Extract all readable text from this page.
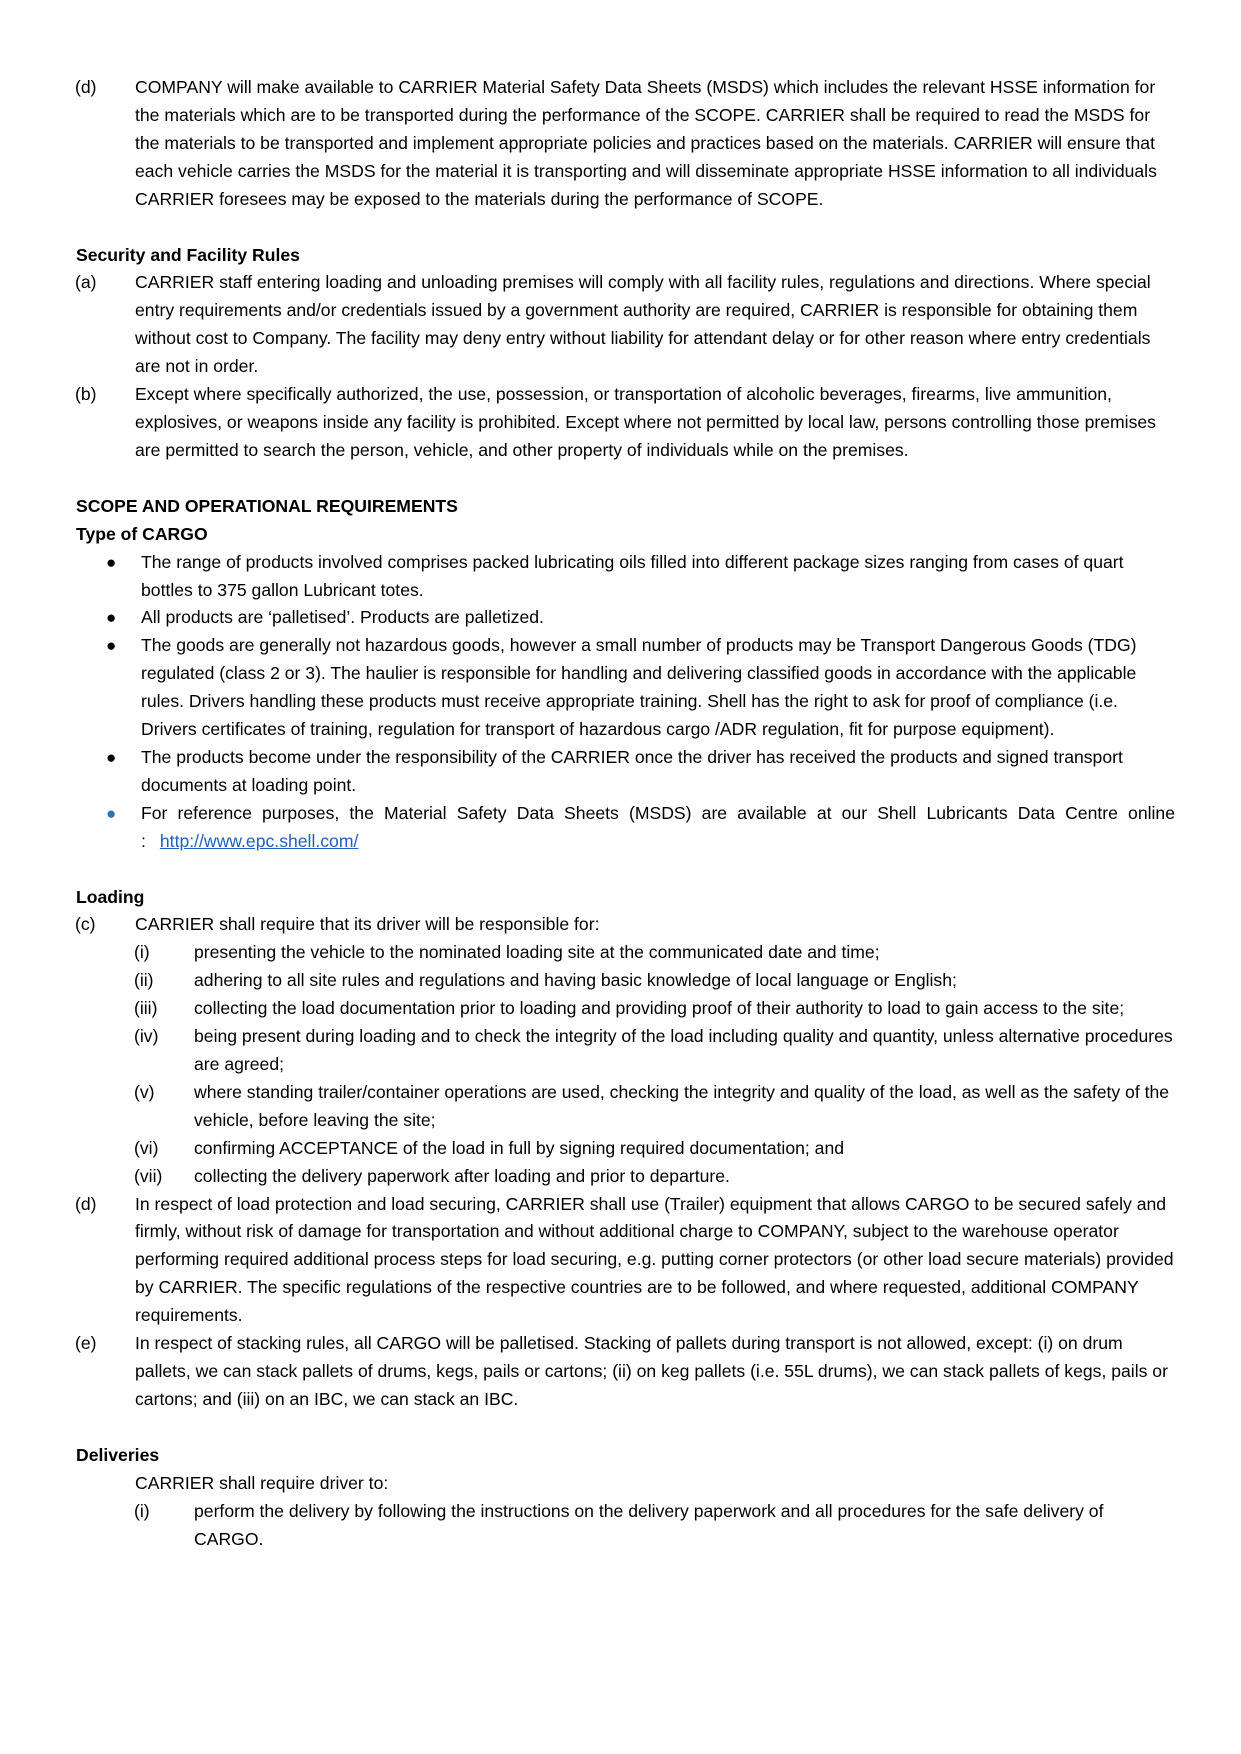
(d) COMPANY will make available to CARRIER Material Safety Data Sheets (MSDS) which includes the relevant HSSE information for the materials which are to be transported during the performance of the SCOPE. CARRIER shall be required to read the MSDS for the materials to be transported and implement appropriate policies and practices based on the materials. CARRIER will ensure that each vehicle carries the MSDS for the material it is transporting and will disseminate appropriate HSSE information to all individuals CARRIER foresees may be exposed to the materials during the performance of SCOPE.
Security and Facility Rules
(a) CARRIER staff entering loading and unloading premises will comply with all facility rules, regulations and directions. Where special entry requirements and/or credentials issued by a government authority are required, CARRIER is responsible for obtaining them without cost to Company. The facility may deny entry without liability for attendant delay or for other reason where entry credentials are not in order.
(b) Except where specifically authorized, the use, possession, or transportation of alcoholic beverages, firearms, live ammunition, explosives, or weapons inside any facility is prohibited. Except where not permitted by local law, persons controlling those premises are permitted to search the person, vehicle, and other property of individuals while on the premises.
SCOPE AND OPERATIONAL REQUIREMENTS
Type of CARGO
● The range of products involved comprises packed lubricating oils filled into different package sizes ranging from cases of quart bottles to 375 gallon Lubricant totes.
● All products are ‘palletised’. Products are palletized.
● The goods are generally not hazardous goods, however a small number of products may be Transport Dangerous Goods (TDG) regulated (class 2 or 3). The haulier is responsible for handling and delivering classified goods in accordance with the applicable rules. Drivers handling these products must receive appropriate training. Shell has the right to ask for proof of compliance (i.e. Drivers certificates of training, regulation for transport of hazardous cargo /ADR regulation, fit for purpose equipment).
● The products become under the responsibility of the CARRIER once the driver has received the products and signed transport documents at loading point.
● For reference purposes, the Material Safety Data Sheets (MSDS) are available at our Shell Lubricants Data Centre online : http://www.epc.shell.com/
Loading
(c) CARRIER shall require that its driver will be responsible for:
(i)	presenting the vehicle to the nominated loading site at the communicated date and time;
(ii) adhering to all site rules and regulations and having basic knowledge of local language or English;
(iii) collecting the load documentation prior to loading and providing proof of their authority to load to gain access to the site;
(iv) being present during loading and to check the integrity of the load including quality and quantity, unless alternative procedures are agreed;
(v) where standing trailer/container operations are used, checking the integrity and quality of the load, as well as the safety of the vehicle, before leaving the site;
(vi) confirming ACCEPTANCE of the load in full by signing required documentation; and
(vii) collecting the delivery paperwork after loading and prior to departure.
(d) In respect of load protection and load securing, CARRIER shall use (Trailer) equipment that allows CARGO to be secured safely and firmly, without risk of damage for transportation and without additional charge to COMPANY, subject to the warehouse operator performing required additional process steps for load securing, e.g. putting corner protectors (or other load secure materials) provided by CARRIER. The specific regulations of the respective countries are to be followed, and where requested, additional COMPANY requirements.
(e) In respect of stacking rules, all CARGO will be palletised. Stacking of pallets during transport is not allowed, except: (i) on drum pallets, we can stack pallets of drums, kegs, pails or cartons; (ii) on keg pallets (i.e. 55L drums), we can stack pallets of kegs, pails or cartons; and (iii) on an IBC, we can stack an IBC.
Deliveries
CARRIER shall require driver to:
(i)	perform the delivery by following the instructions on the delivery paperwork and all procedures for the safe delivery of CARGO.
